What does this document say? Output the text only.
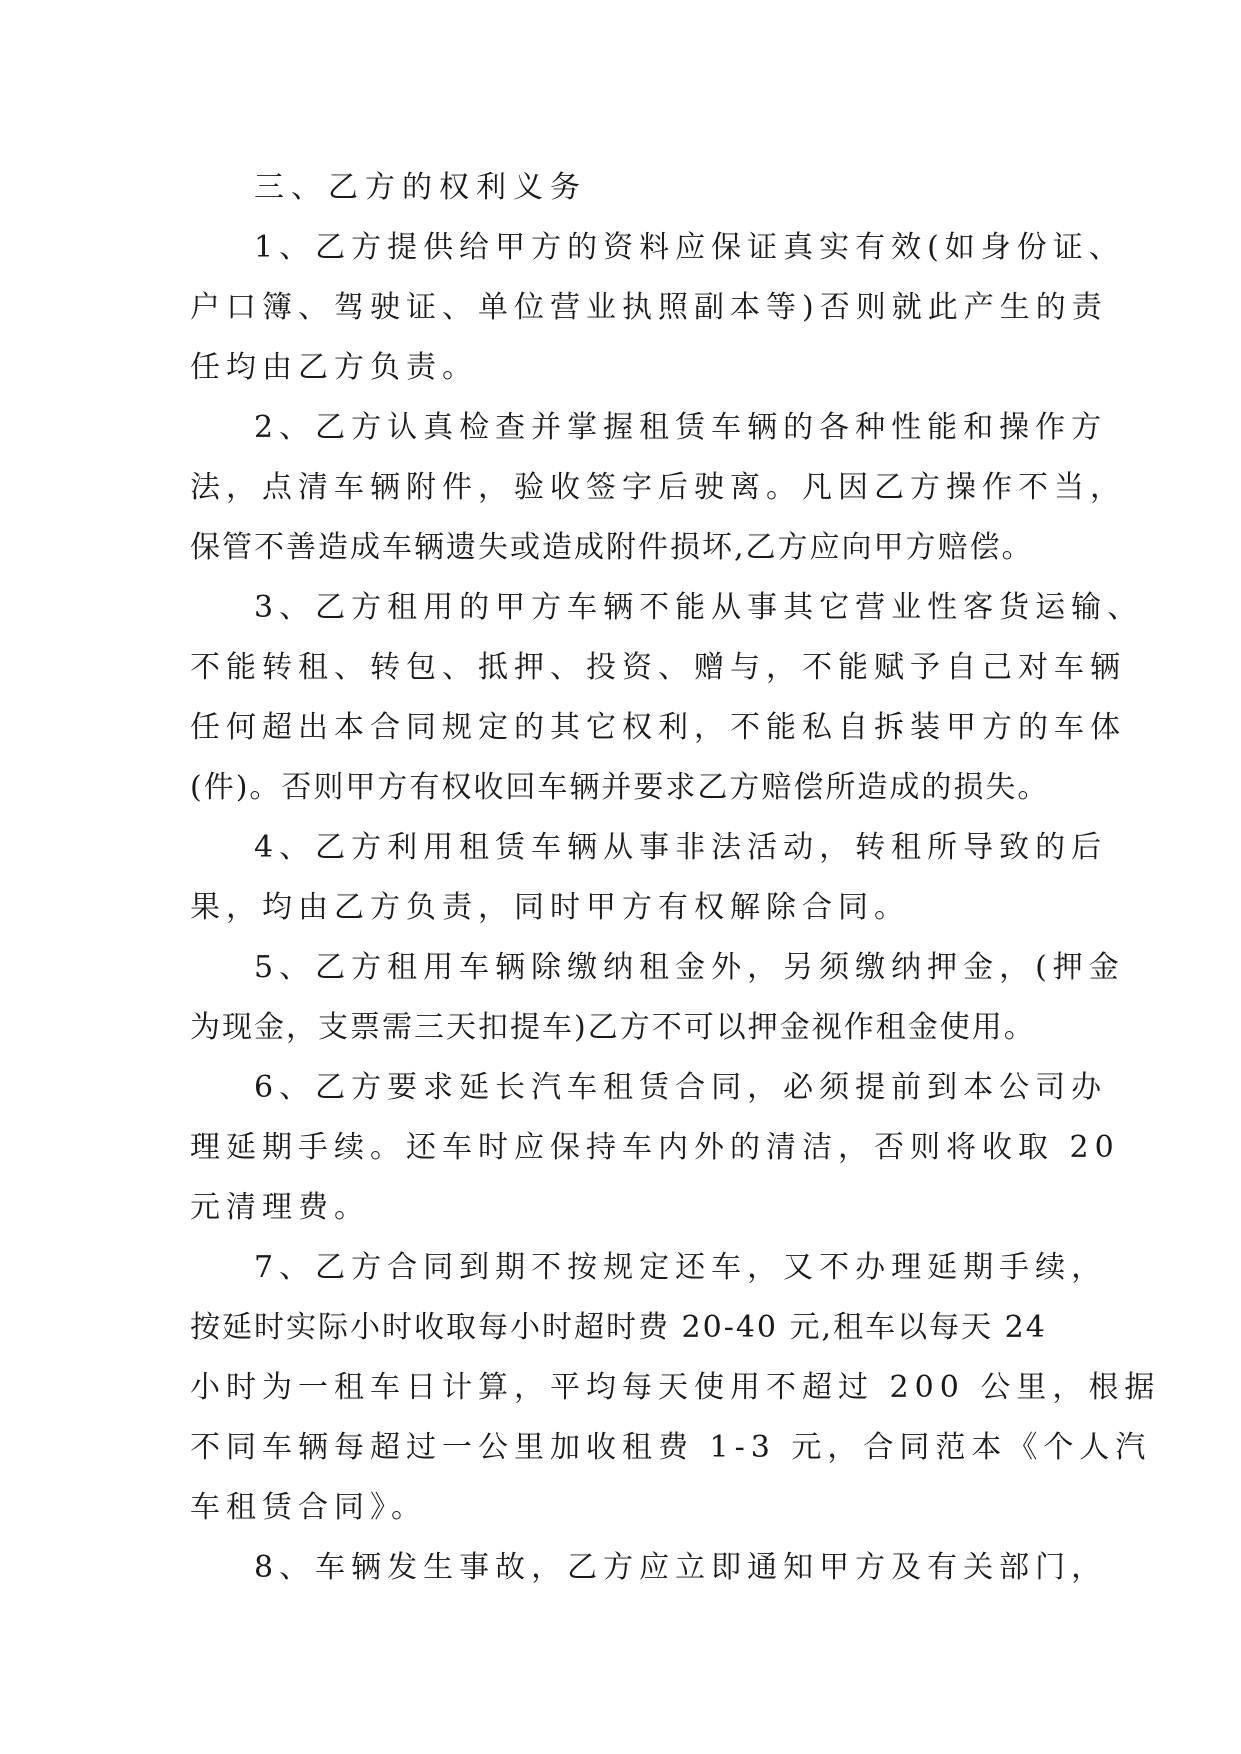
三、乙方的权利义务

1、乙方提供给甲方的资料应保证真实有效(如身份证、

户口簿、驾驶证、单位营业执照副本等)否则就此产生的责

任均由乙方负责。

2、乙方认真检查并掌握租赁车辆的各种性能和操作方

法，点清车辆附件，验收签字后驶离。凡因乙方操作不当，

保管不善造成车辆遗失或造成附件损坏,乙方应向甲方赔偿。

3、乙方租用的甲方车辆不能从事其它营业性客货运输、

不能转租、转包、抵押、投资、赠与，不能赋予自己对车辆

任何超出本合同规定的其它权利，不能私自拆装甲方的车体

(件)。否则甲方有权收回车辆并要求乙方赔偿所造成的损失。

4、乙方利用租赁车辆从事非法活动，转租所导致的后

果，均由乙方负责，同时甲方有权解除合同。

5、乙方租用车辆除缴纳租金外，另须缴纳押金，(押金

为现金，支票需三天扣提车)乙方不可以押金视作租金使用。

6、乙方要求延长汽车租赁合同，必须提前到本公司办

理延期手续。还车时应保持车内外的清洁，否则将收取 20

元清理费。

7、乙方合同到期不按规定还车，又不办理延期手续，

按延时实际小时收取每小时超时费 20-40 元,租车以每天 24

小时为一租车日计算，平均每天使用不超过 200 公里，根据

不同车辆每超过一公里加收租费 1-3 元，合同范本《个人汽

车租赁合同》。

8、车辆发生事故，乙方应立即通知甲方及有关部门，
